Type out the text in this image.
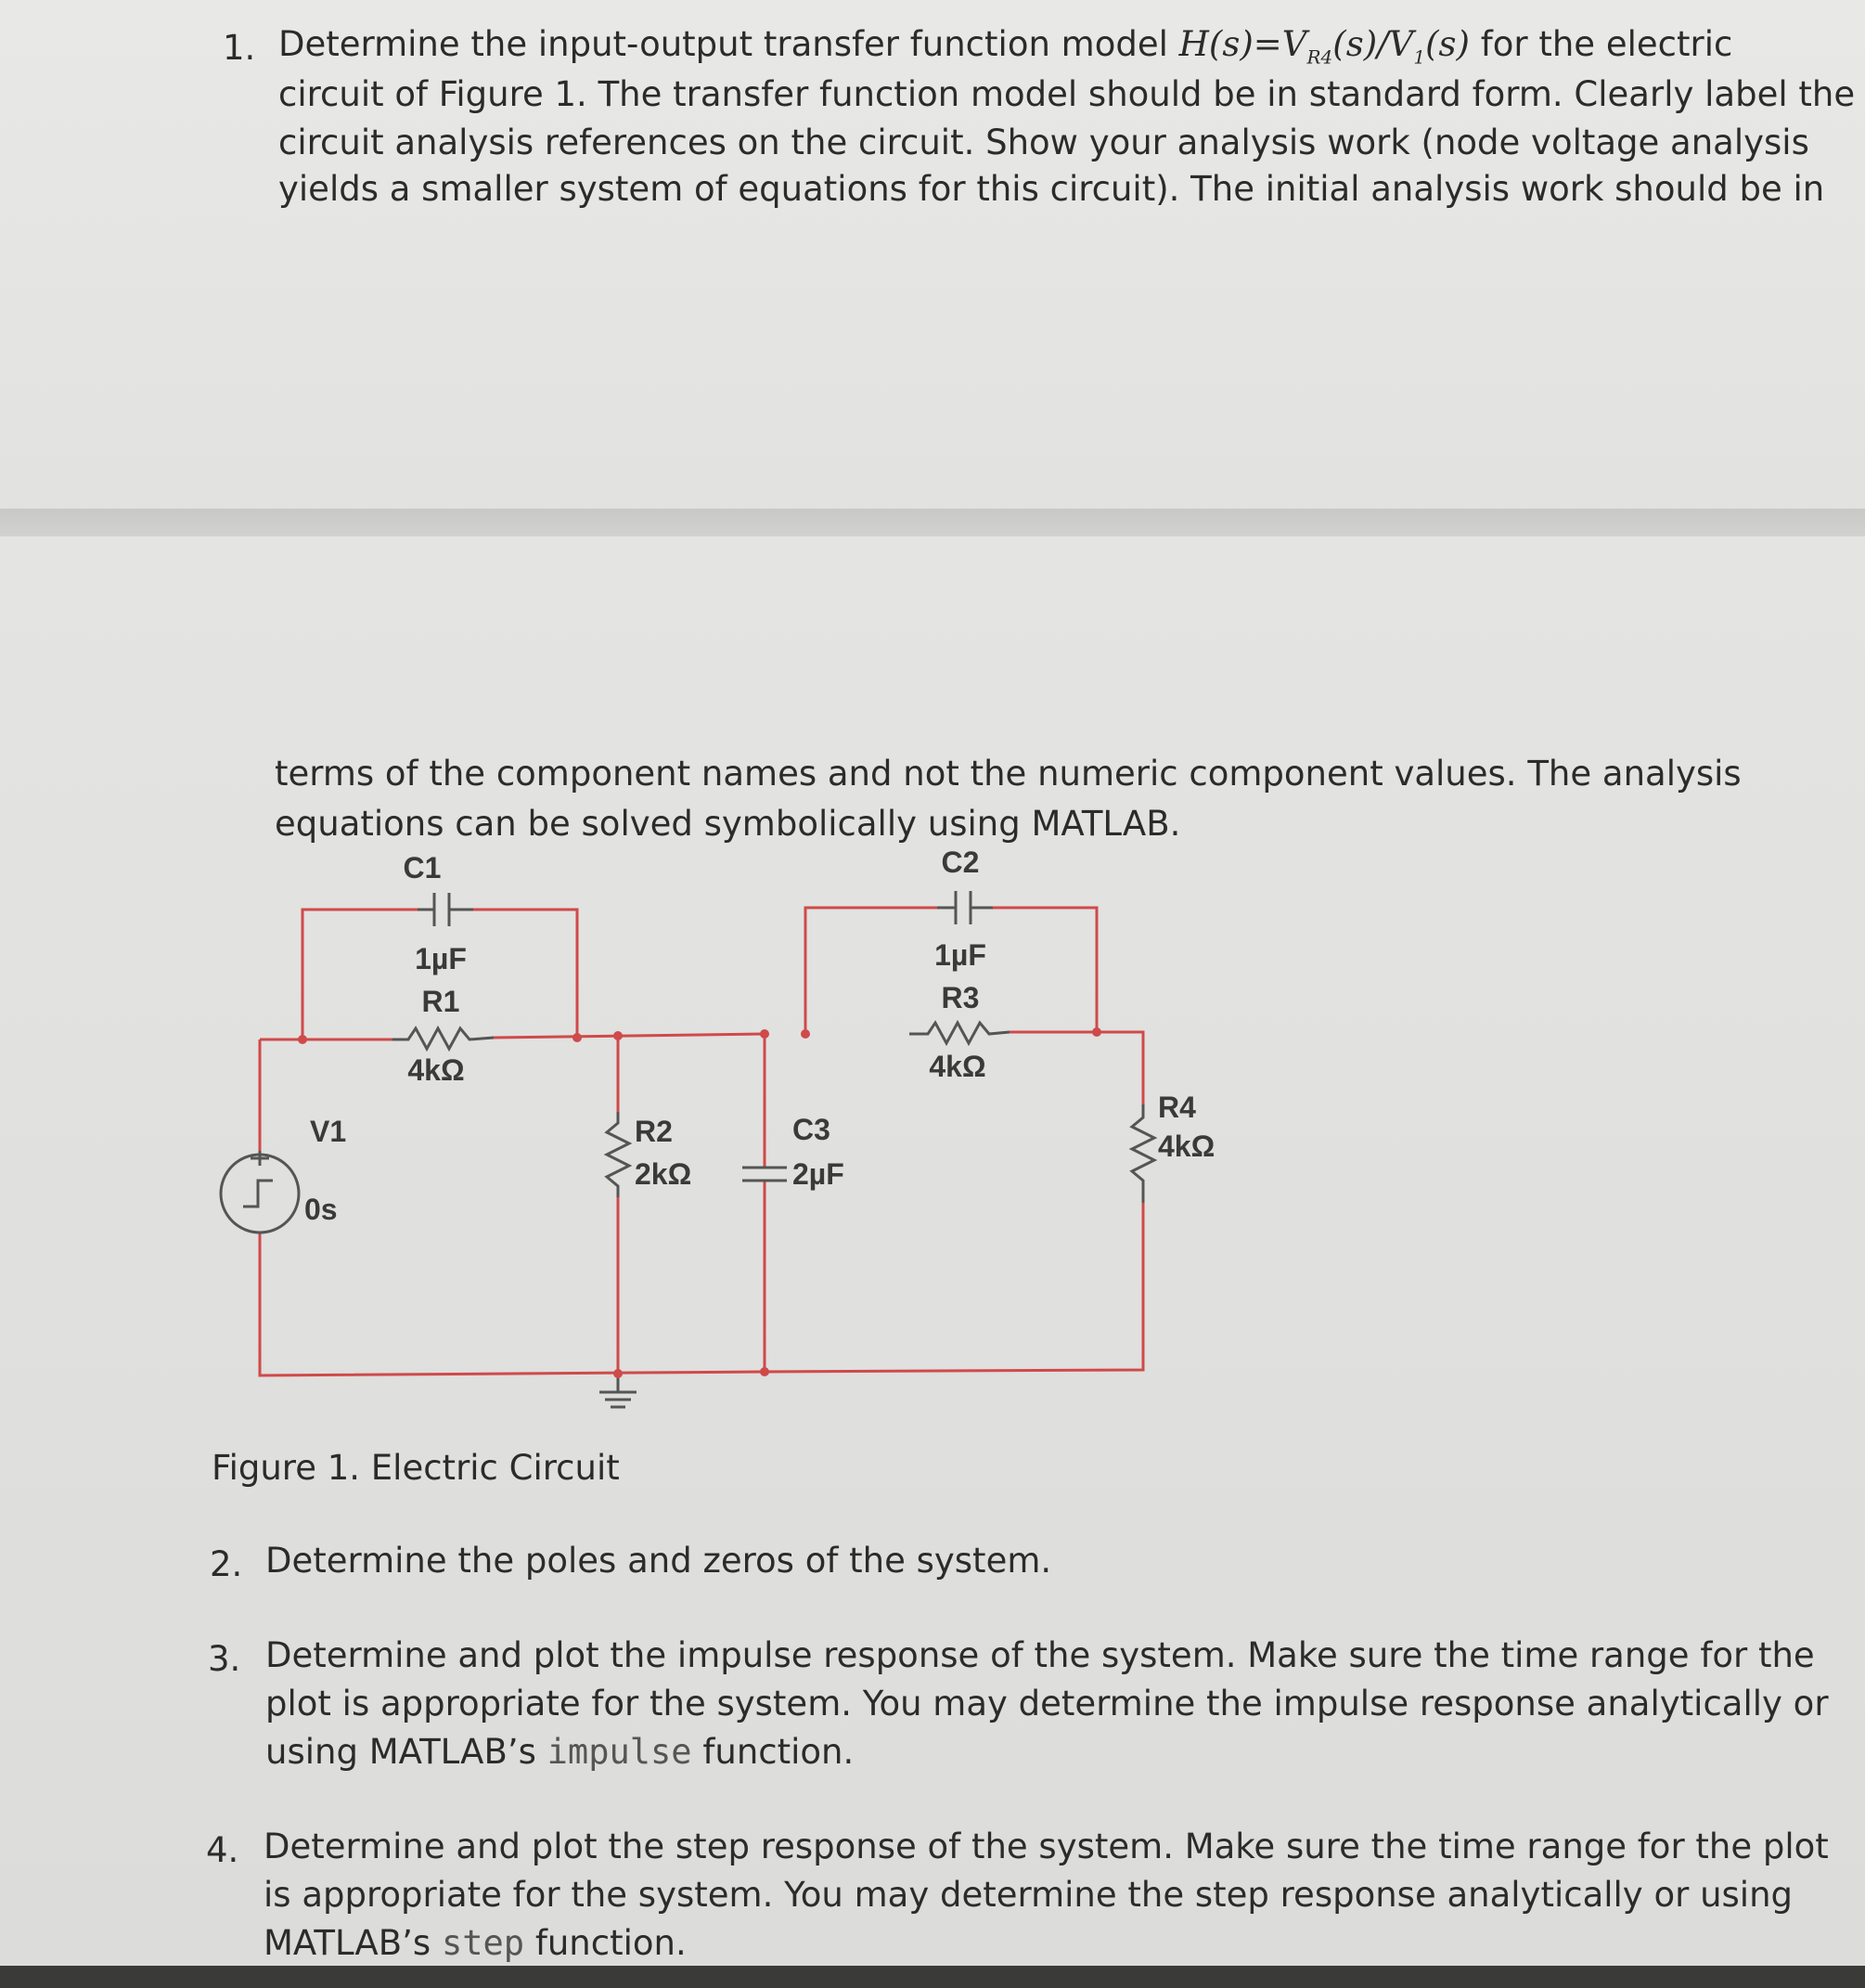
1. Determine the input-output transfer function model $H(s)=V_{R4}(s)/V_1(s)$ for the electric
circuit of Figure 1. The transfer function model should be in standard form. Clearly label the
circuit analysis references on the circuit. Show your analysis work (node voltage analysis
yields a smaller system of equations for this circuit). The initial analysis work should be in
terms of the component names and not the numeric component values. The analysis
equations can be solved symbolically using MATLAB.
C1
1µF
R1
4kΩ
C2
1µF
R3
4kΩ
V1
0s
R2
2kΩ
C3
2µF
R4
4kΩ
Figure 1. Electric Circuit
2. Determine the poles and zeros of the system.
3. Determine and plot the impulse response of the system. Make sure the time range for the
plot is appropriate for the system. You may determine the impulse response analytically or
using MATLAB’s impulse function.
4. Determine and plot the step response of the system. Make sure the time range for the plot
is appropriate for the system. You may determine the step response analytically or using
MATLAB’s step function.
